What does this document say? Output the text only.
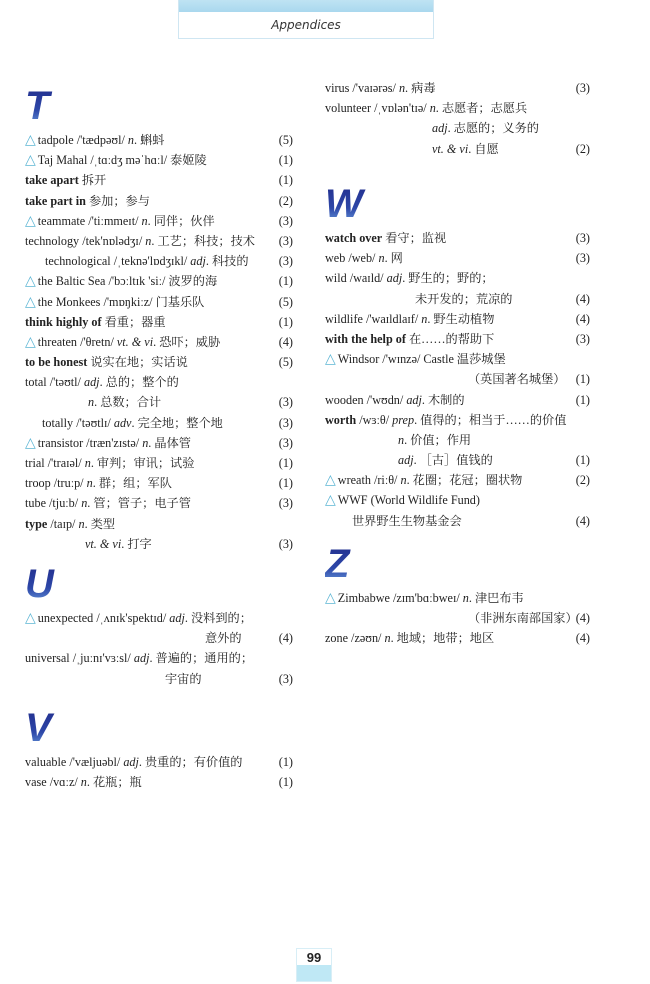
Appendices
T
△ tadpole /'tædpəʊl/ n. 蝌蚪	(5)
△ Taj Mahal /ˌtɑːdʒ məˈhɑːl/ 泰姬陵	(1)
take apart 拆开	(1)
take part in 参加；参与	(2)
△ teammate /'tiːmmeɪt/ n. 同伴；伙伴	(3)
technology /tek'nɒlədʒɪ/ n. 工艺；科技；技术 (3)
technological /ˌteknə'lɒdʒɪkl/ adj. 科技的 (3)
△ the Baltic Sea /'bɔːltɪk 'siː/ 波罗的海	(1)
△ the Monkees /'mɒŋkiːz/ 门基乐队	(5)
think highly of 看重；器重	(1)
△ threaten /'θretn/ vt. & vi. 恐吓；威胁	(4)
to be honest 说实在地；实话说	(5)
total /'təʊtl/ adj. 总的；整个的
n. 总数；合计	(3)
totally /'təʊtlɪ/ adv. 完全地；整个地	(3)
△ transistor /træn'zɪstə/ n. 晶体管	(3)
trial /'traɪəl/ n. 审判；审讯；试验	(1)
troop /truːp/ n. 群；组；军队	(1)
tube /tjuːb/ n. 管；管子；电子管	(3)
type /taɪp/ n. 类型
vt. & vi. 打字	(3)
U
△ unexpected /ˌʌnɪk'spektɪd/ adj. 没料到的；
意外的	(4)
universal /ˌjuːnɪ'vɜːsl/ adj. 普遍的；通用的；
宇宙的	(3)
V
valuable /'væljuəbl/ adj. 贵重的；有价值的	(1)
vase /vɑːz/ n. 花瓶；瓶	(1)
virus /'vaɪərəs/ n. 病毒	(3)
volunteer /ˌvɒlən'tɪə/ n. 志愿者；志愿兵
adj. 志愿的；义务的
vt. & vi. 自愿	(2)
W
watch over 看守；监视	(3)
web /web/ n. 网	(3)
wild /waɪld/ adj. 野生的；野的；
未开发的；荒凉的	(4)
wildlife /'waɪldlaɪf/ n. 野生动植物	(4)
with the help of 在……的帮助下	(3)
△ Windsor /'wɪnzə/ Castle 温莎城堡
（英国著名城堡） (1)
wooden /'wʊdn/ adj. 木制的	(1)
worth /wɜːθ/ prep. 值得的；相当于……的价值
n. 价值；作用
adj. ［古］值钱的	(1)
△ wreath /riːθ/ n. 花圈；花冠；圈状物	(2)
△ WWF (World Wildlife Fund)
世界野生生物基金会	(4)
Z
△ Zimbabwe /zɪm'bɑːbweɪ/ n. 津巴布韦
（非洲东南部国家）
(4)
zone /zəʊn/ n. 地域；地带；地区	(4)
99
